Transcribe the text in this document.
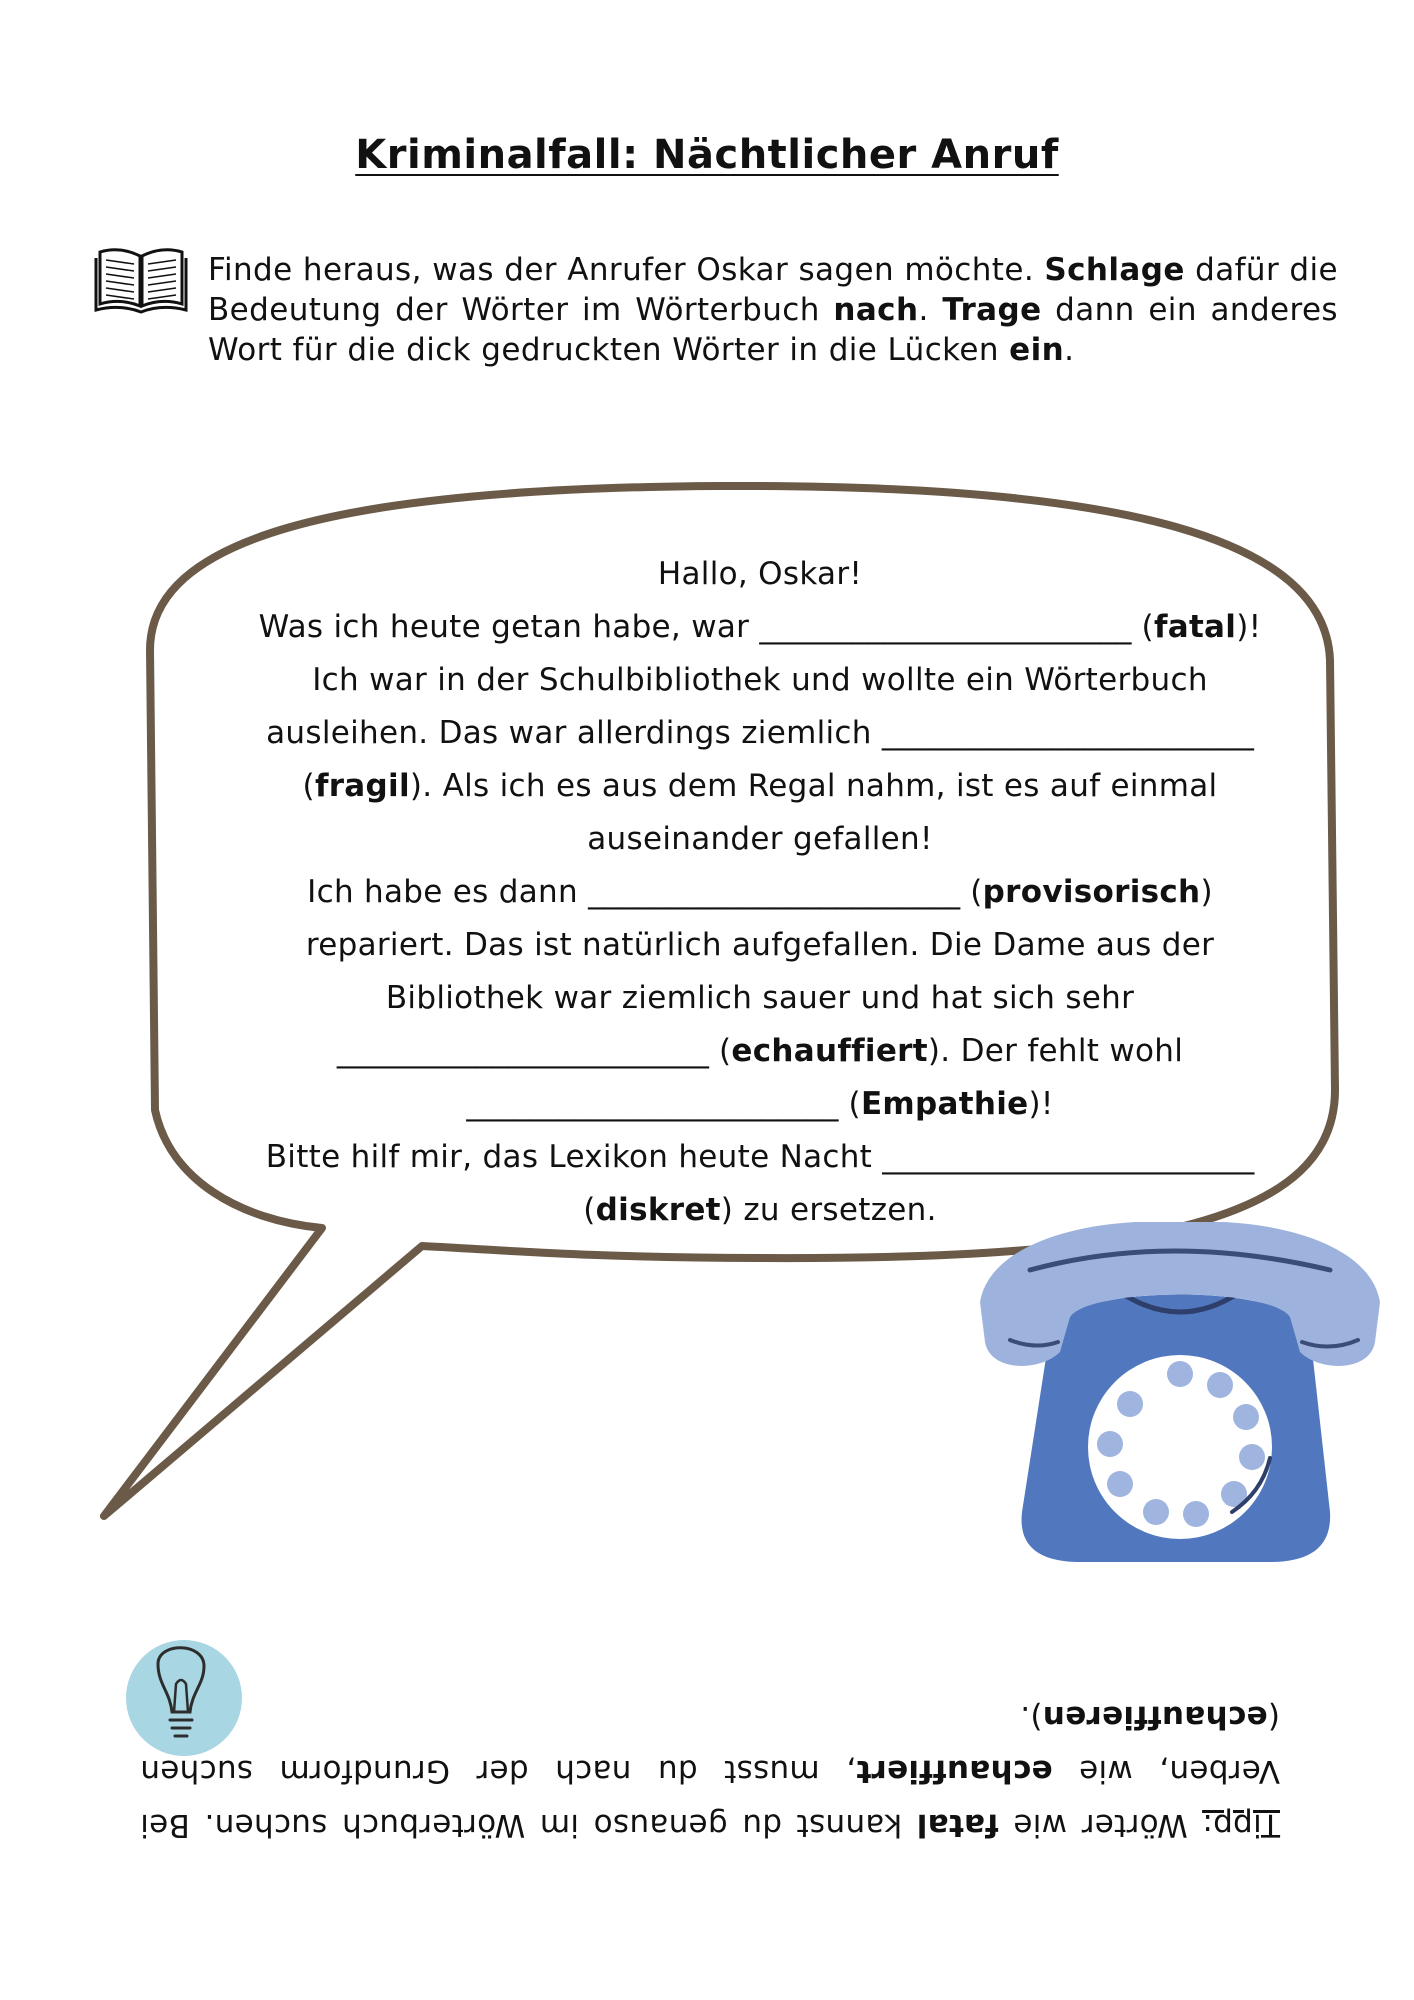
Kriminalfall: Nächtlicher Anruf
Finde heraus, was der Anrufer Oskar sagen möchte. Schlage dafür die Bedeutung der Wörter im Wörterbuch nach. Trage dann ein anderes Wort für die dick gedruckten Wörter in die Lücken ein.
Hallo, Oskar!
Was ich heute getan habe, war ________________________ (fatal)!
Ich war in der Schulbibliothek und wollte ein Wörterbuch
ausleihen. Das war allerdings ziemlich ________________________
(fragil). Als ich es aus dem Regal nahm, ist es auf einmal
auseinander gefallen!
Ich habe es dann ________________________ (provisorisch)
repariert. Das ist natürlich aufgefallen. Die Dame aus der
Bibliothek war ziemlich sauer und hat sich sehr
________________________ (echauffiert). Der fehlt wohl
________________________ (Empathie)!
Bitte hilf mir, das Lexikon heute Nacht ________________________
(diskret) zu ersetzen.
Tipp: Wörter wie fatal kannst du genauso im Wörterbuch suchen. Bei Verben, wie echauffiert, musst du nach der Grundform suchen (echauffieren).
